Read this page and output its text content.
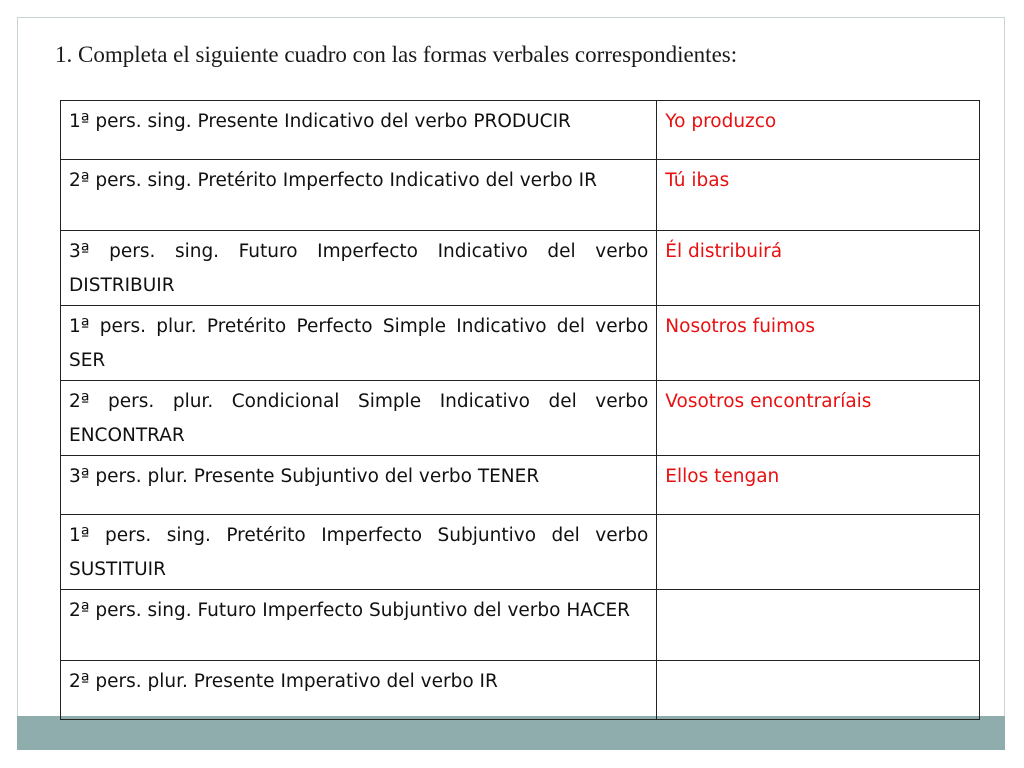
1. Completa el siguiente cuadro con las formas verbales correspondientes:
1ª pers. sing. Presente Indicativo del verbo PRODUCIR	Yo produzco
2ª pers. sing. Pretérito Imperfecto Indicativo del verbo IR	Tú ibas
3ª pers. sing. Futuro Imperfecto Indicativo del verbo DISTRIBUIR	Él distribuirá
1ª pers. plur. Pretérito Perfecto Simple Indicativo del verbo SER	Nosotros fuimos
2ª pers. plur. Condicional Simple Indicativo del verbo ENCONTRAR	Vosotros encontraríais
3ª pers. plur. Presente Subjuntivo del verbo TENER	Ellos tengan
1ª pers. sing. Pretérito Imperfecto Subjuntivo del verbo SUSTITUIR	
2ª pers. sing. Futuro Imperfecto Subjuntivo del verbo HACER	
2ª pers. plur. Presente Imperativo del verbo IR	
